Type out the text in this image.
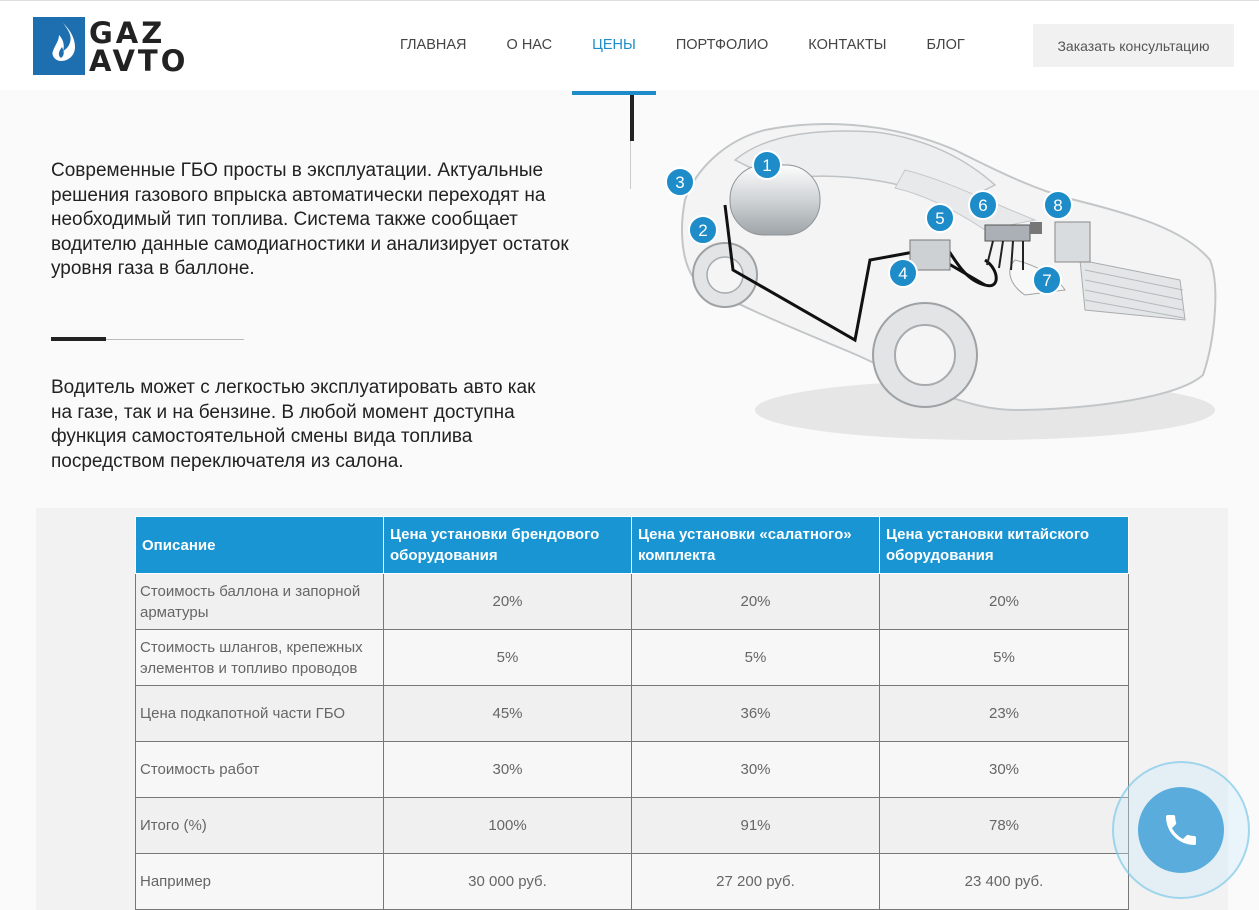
GAZ
AVTO	ГЛАВНАЯ	О НАС	ЦЕНЫ	ПОРТФОЛИО	КОНТАКТЫ	БЛОГ	Заказать консультацию

Современные ГБО просты в эксплуатации. Актуальные решения газового впрыска автоматически переходят на необходимый тип топлива. Система также сообщает водителю данные самодиагностики и анализирует остаток уровня газа в баллоне.

Водитель может с легкостью эксплуатировать авто как на газе, так и на бензине. В любой момент доступна функция самостоятельной смены вида топлива посредством переключателя из салона.

1
2
3
4
5
6
7
8
Описание	Цена установки брендового оборудования	Цена установки «салатного» комплекта	Цена установки китайского оборудования
Стоимость баллона и запорной арматуры	20%	20%	20%
Стоимость шлангов, крепежных элементов и топливо проводов	5%	5%	5%
Цена подкапотной части ГБО	45%	36%	23%
Стоимость работ	30%	30%	30%
Итого (%)	100%	91%	78%
Например	30 000 руб.	27 200 руб.	23 400 руб.
